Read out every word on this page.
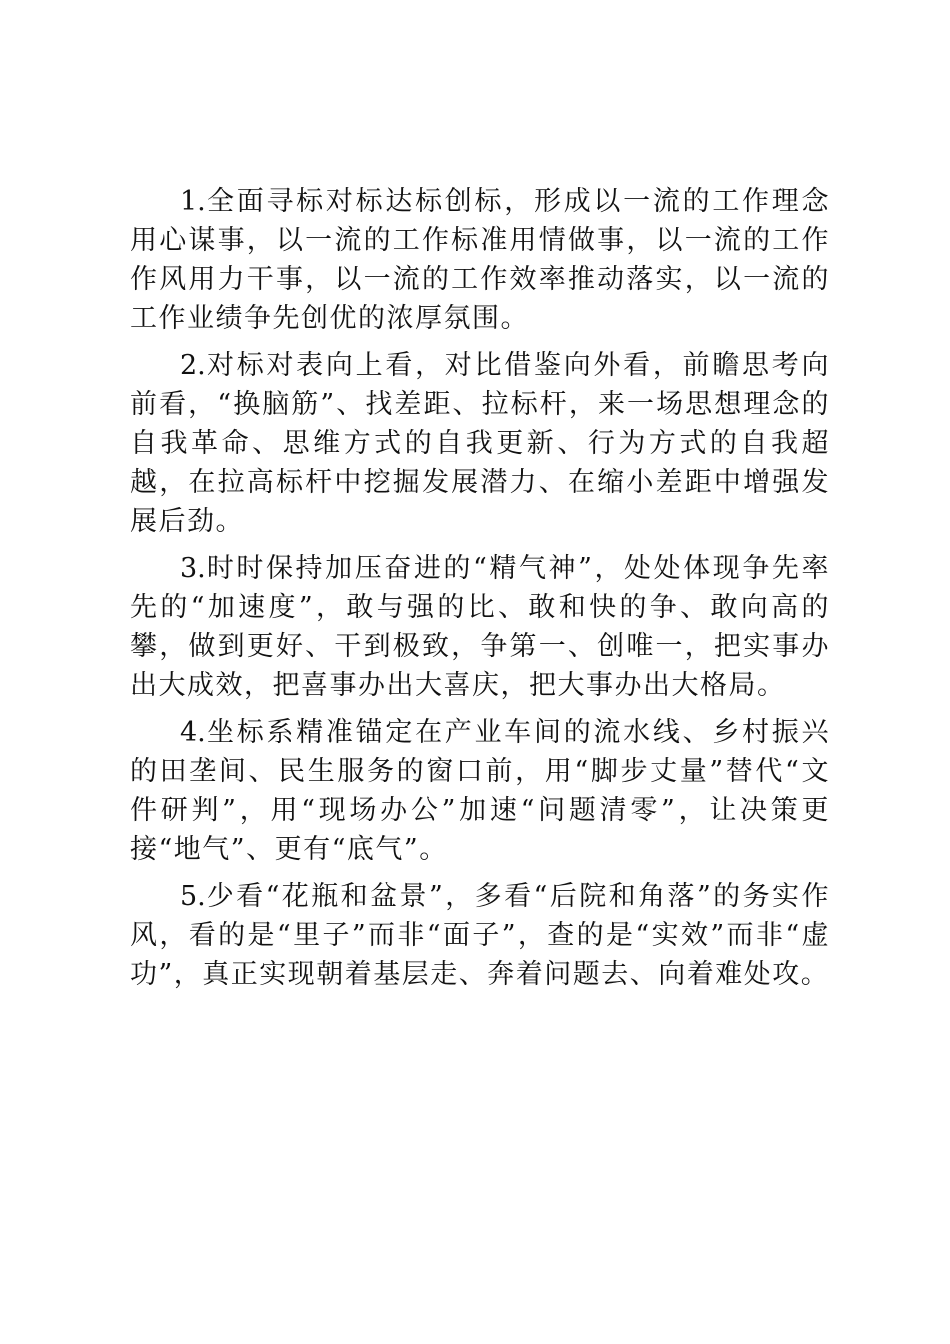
1.全面寻标对标达标创标，形成以一流的工作理念用心谋事，以一流的工作标准用情做事，以一流的工作作风用力干事，以一流的工作效率推动落实，以一流的工作业绩争先创优的浓厚氛围。

2.对标对表向上看，对比借鉴向外看，前瞻思考向前看，“换脑筋”、找差距、拉标杆，来一场思想理念的自我革命、思维方式的自我更新、行为方式的自我超越，在拉高标杆中挖掘发展潜力、在缩小差距中增强发展后劲。

3.时时保持加压奋进的“精气神”，处处体现争先率先的“加速度”，敢与强的比、敢和快的争、敢向高的攀，做到更好、干到极致，争第一、创唯一，把实事办出大成效，把喜事办出大喜庆，把大事办出大格局。

4.坐标系精准锚定在产业车间的流水线、乡村振兴的田垄间、民生服务的窗口前，用“脚步丈量”替代“文件研判”，用“现场办公”加速“问题清零”，让决策更接“地气”、更有“底气”。

5.少看“花瓶和盆景”，多看“后院和角落”的务实作风，看的是“里子”而非“面子”，查的是“实效”而非“虚功”，真正实现朝着基层走、奔着问题去、向着难处攻。
